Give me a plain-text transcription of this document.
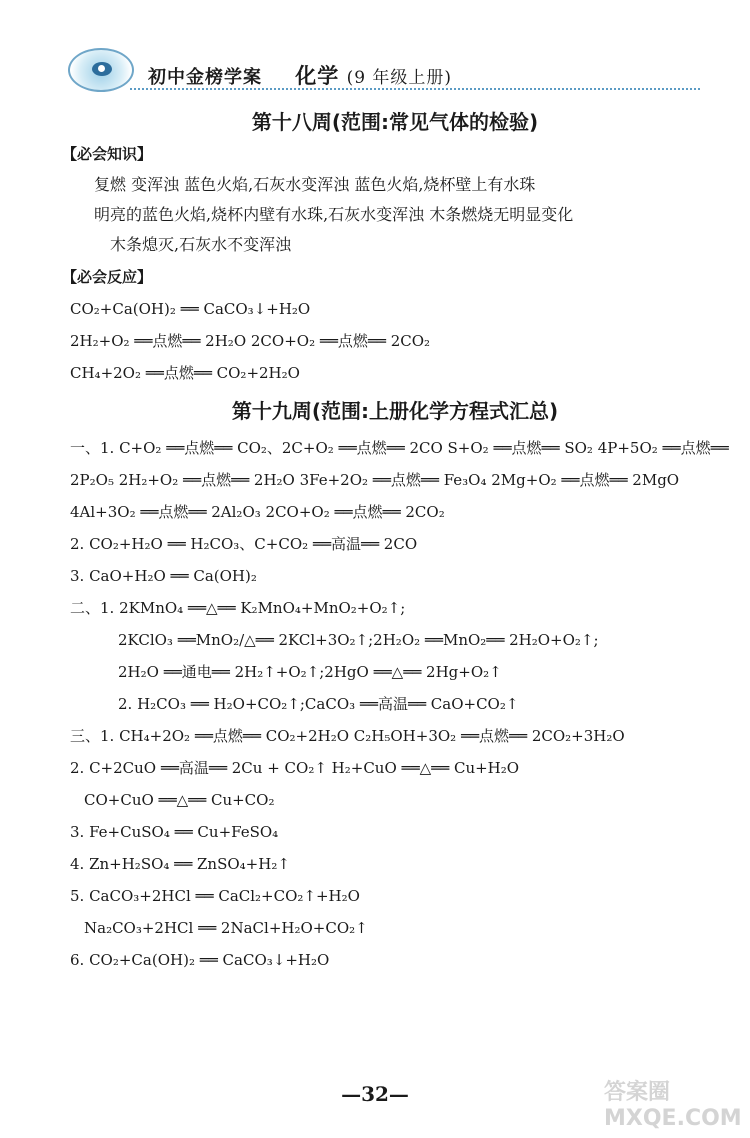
初中金榜学案 化学 (9 年级上册)
第十八周(范围:常见气体的检验)
【必会知识】
复燃 变浑浊 蓝色火焰,石灰水变浑浊 蓝色火焰,烧杯壁上有水珠
明亮的蓝色火焰,烧杯内壁有水珠,石灰水变浑浊 木条燃烧无明显变化
木条熄灭,石灰水不变浑浊
【必会反应】
CO₂+Ca(OH)₂ ══ CaCO₃↓+H₂O
2H₂+O₂ ══点燃══ 2H₂O 2CO+O₂ ══点燃══ 2CO₂
CH₄+2O₂ ══点燃══ CO₂+2H₂O
第十九周(范围:上册化学方程式汇总)
一、1. C+O₂ ══点燃══ CO₂、2C+O₂ ══点燃══ 2CO S+O₂ ══点燃══ SO₂ 4P+5O₂ ══点燃══
2P₂O₅ 2H₂+O₂ ══点燃══ 2H₂O 3Fe+2O₂ ══点燃══ Fe₃O₄ 2Mg+O₂ ══点燃══ 2MgO
4Al+3O₂ ══点燃══ 2Al₂O₃ 2CO+O₂ ══点燃══ 2CO₂
2. CO₂+H₂O ══ H₂CO₃、C+CO₂ ══高温══ 2CO
3. CaO+H₂O ══ Ca(OH)₂
二、1. 2KMnO₄ ══△══ K₂MnO₄+MnO₂+O₂↑;
2KClO₃ ══MnO₂/△══ 2KCl+3O₂↑;2H₂O₂ ══MnO₂══ 2H₂O+O₂↑;
2H₂O ══通电══ 2H₂↑+O₂↑;2HgO ══△══ 2Hg+O₂↑
2. H₂CO₃ ══ H₂O+CO₂↑;CaCO₃ ══高温══ CaO+CO₂↑
三、1. CH₄+2O₂ ══点燃══ CO₂+2H₂O C₂H₅OH+3O₂ ══点燃══ 2CO₂+3H₂O
2. C+2CuO ══高温══ 2Cu + CO₂↑ H₂+CuO ══△══ Cu+H₂O
CO+CuO ══△══ Cu+CO₂
3. Fe+CuSO₄ ══ Cu+FeSO₄
4. Zn+H₂SO₄ ══ ZnSO₄+H₂↑
5. CaCO₃+2HCl ══ CaCl₂+CO₂↑+H₂O
Na₂CO₃+2HCl ══ 2NaCl+H₂O+CO₂↑
6. CO₂+Ca(OH)₂ ══ CaCO₃↓+H₂O
—32—	答案圈 MXQE.COM
